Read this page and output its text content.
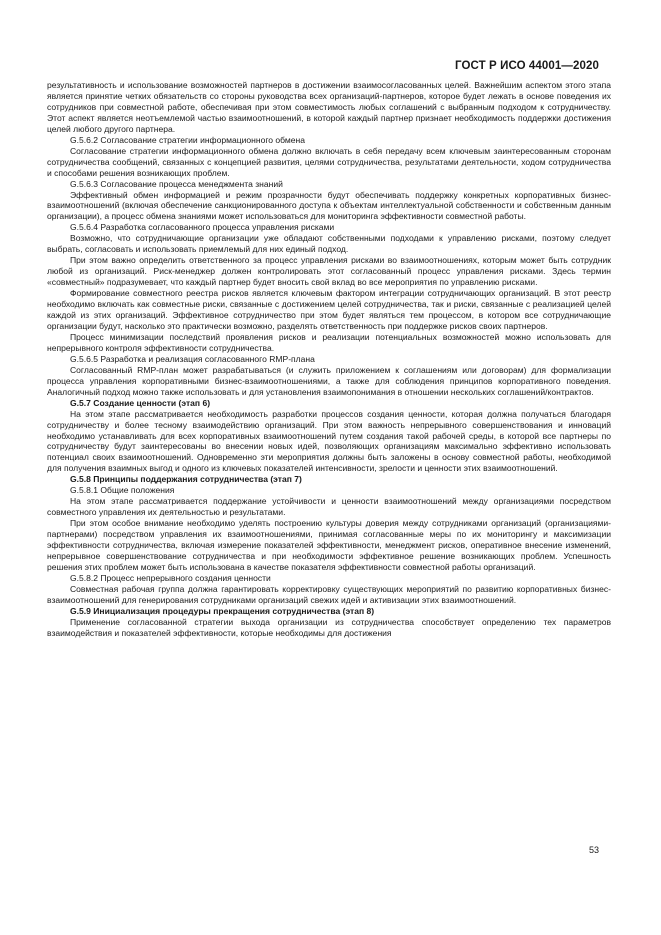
ГОСТ Р ИСО 44001—2020

результативность и использование возможностей партнеров в достижении взаимосогласованных целей. Важнейшим аспектом этого этапа является принятие четких обязательств со стороны руководства всех организаций-партнеров, которое будет лежать в основе поведения их сотрудников при совместной работе, обеспечивая при этом совместимость любых соглашений с выбранным подходом к сотрудничеству. Этот аспект является неотъемлемой частью взаимоотношений, в которой каждый партнер признает необходимость поддержки достижения целей любого другого партнера.

G.5.6.2 Согласование стратегии информационного обмена

Согласование стратегии информационного обмена должно включать в себя передачу всем ключевым заинтересованным сторонам сотрудничества сообщений, связанных с концепцией развития, целями сотрудничества, результатами деятельности, ходом сотрудничества и способами решения возникающих проблем.

G.5.6.3 Согласование процесса менеджмента знаний

Эффективный обмен информацией и режим прозрачности будут обеспечивать поддержку конкретных корпоративных бизнес-взаимоотношений (включая обеспечение санкционированного доступа к объектам интеллектуальной собственности и собственным данным организации), а процесс обмена знаниями может использоваться для мониторинга эффективности совместной работы.

G.5.6.4 Разработка согласованного процесса управления рисками

Возможно, что сотрудничающие организации уже обладают собственными подходами к управлению рисками, поэтому следует выбрать, согласовать и использовать приемлемый для них единый подход.

При этом важно определить ответственного за процесс управления рисками во взаимоотношениях, которым может быть сотрудник любой из организаций. Риск-менеджер должен контролировать этот согласованный процесс управления рисками. Здесь термин «совместный» подразумевает, что каждый партнер будет вносить свой вклад во все мероприятия по управлению рисками.

Формирование совместного реестра рисков является ключевым фактором интеграции сотрудничающих организаций. В этот реестр необходимо включать как совместные риски, связанные с достижением целей сотрудничества, так и риски, связанные с реализацией целей каждой из этих организаций. Эффективное сотрудничество при этом будет являться тем процессом, в котором все сотрудничающие организации будут, насколько это практически возможно, разделять ответственность при поддержке рисков своих партнеров.

Процесс минимизации последствий проявления рисков и реализации потенциальных возможностей можно использовать для непрерывного контроля эффективности сотрудничества.

G.5.6.5 Разработка и реализация согласованного RMP-плана

Согласованный RMP-план может разрабатываться (и служить приложением к соглашениям или договорам) для формализации процесса управления корпоративными бизнес-взаимоотношениями, а также для соблюдения принципов корпоративного поведения. Аналогичный подход можно также использовать и для установления взаимопонимания в отношении нескольких соглашений/контрактов.

G.5.7 Создание ценности (этап 6)

На этом этапе рассматривается необходимость разработки процессов создания ценности, которая должна получаться благодаря сотрудничеству и более тесному взаимодействию организаций. При этом важность непрерывного совершенствования и инноваций необходимо устанавливать для всех корпоративных взаимоотношений путем создания такой рабочей среды, в которой все партнеры по сотрудничеству будут заинтересованы во внесении новых идей, позволяющих организациям максимально эффективно использовать потенциал своих взаимоотношений. Одновременно эти мероприятия должны быть заложены в основу совместной работы, необходимой для получения взаимных выгод и одного из ключевых показателей интенсивности, зрелости и ценности этих взаимоотношений.

G.5.8 Принципы поддержания сотрудничества (этап 7)

G.5.8.1 Общие положения

На этом этапе рассматривается поддержание устойчивости и ценности взаимоотношений между организациями посредством совместного управления их деятельностью и результатами.

При этом особое внимание необходимо уделять построению культуры доверия между сотрудниками организаций (организациями-партнерами) посредством управления их взаимоотношениями, принимая согласованные меры по их мониторингу и максимизации эффективности сотрудничества, включая измерение показателей эффективности, менеджмент рисков, оперативное внесение изменений, непрерывное совершенствование сотрудничества и при необходимости эффективное решение возникающих проблем. Успешность решения этих проблем может быть использована в качестве показателя эффективности совместной работы организаций.

G.5.8.2 Процесс непрерывного создания ценности

Совместная рабочая группа должна гарантировать корректировку существующих мероприятий по развитию корпоративных бизнес-взаимоотношений для генерирования сотрудниками организаций свежих идей и активизации этих взаимоотношений.

G.5.9 Инициализация процедуры прекращения сотрудничества (этап 8)

Применение согласованной стратегии выхода организации из сотрудничества способствует определению тех параметров взаимодействия и показателей эффективности, которые необходимы для достижения

53
